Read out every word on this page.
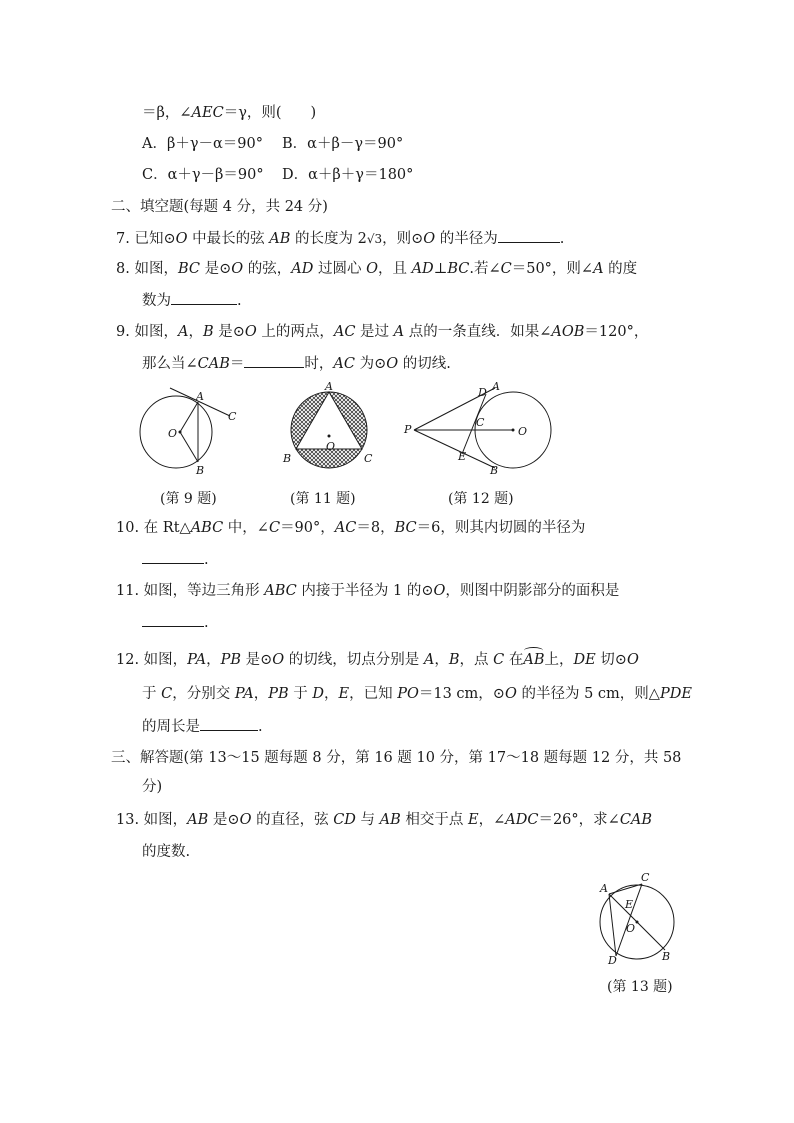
＝β，∠AEC＝γ，则(　　)
A．β＋γ－α＝90° B．α＋β－γ＝90°
C．α＋γ－β＝90° D．α＋β＋γ＝180°
二、填空题(每题 4 分，共 24 分)
7. 已知⊙O 中最长的弦 AB 的长度为 2√3，则⊙O 的半径为	.
8. 如图，BC 是⊙O 的弦，AD 过圆心 O，且 AD⊥BC.若∠C＝50°，则∠A 的度
数为	.
9. 如图，A，B 是⊙O 上的两点，AC 是过 A 点的一条直线．如果∠AOB＝120°，
那么当∠CAB＝	时，AC 为⊙O 的切线.
A
C
O
B
(第 9 题)
A
O
B	C
(第 11 题)
P
D A
C
O
E
B
(第 12 题)
10. 在 Rt△ABC 中，∠C＝90°，AC＝8，BC＝6，则其内切圆的半径为
.
11. 如图，等边三角形 ABC 内接于半径为 1 的⊙O，则图中阴影部分的面积是
.
12. 如图，PA，PB 是⊙O 的切线，切点分别是 A，B，点 C 在AB上，DE 切⊙O
于 C，分别交 PA，PB 于 D，E，已知 PO＝13 cm，⊙O 的半径为 5 cm，则△PDE
的周长是	.
三、解答题(第 13～15 题每题 8 分，第 16 题 10 分，第 17～18 题每题 12 分，共 58
分)
13. 如图，AB 是⊙O 的直径，弦 CD 与 AB 相交于点 E，∠ADC＝26°，求∠CAB
的度数.
A
C
E
O
B
D
(第 13 题)
